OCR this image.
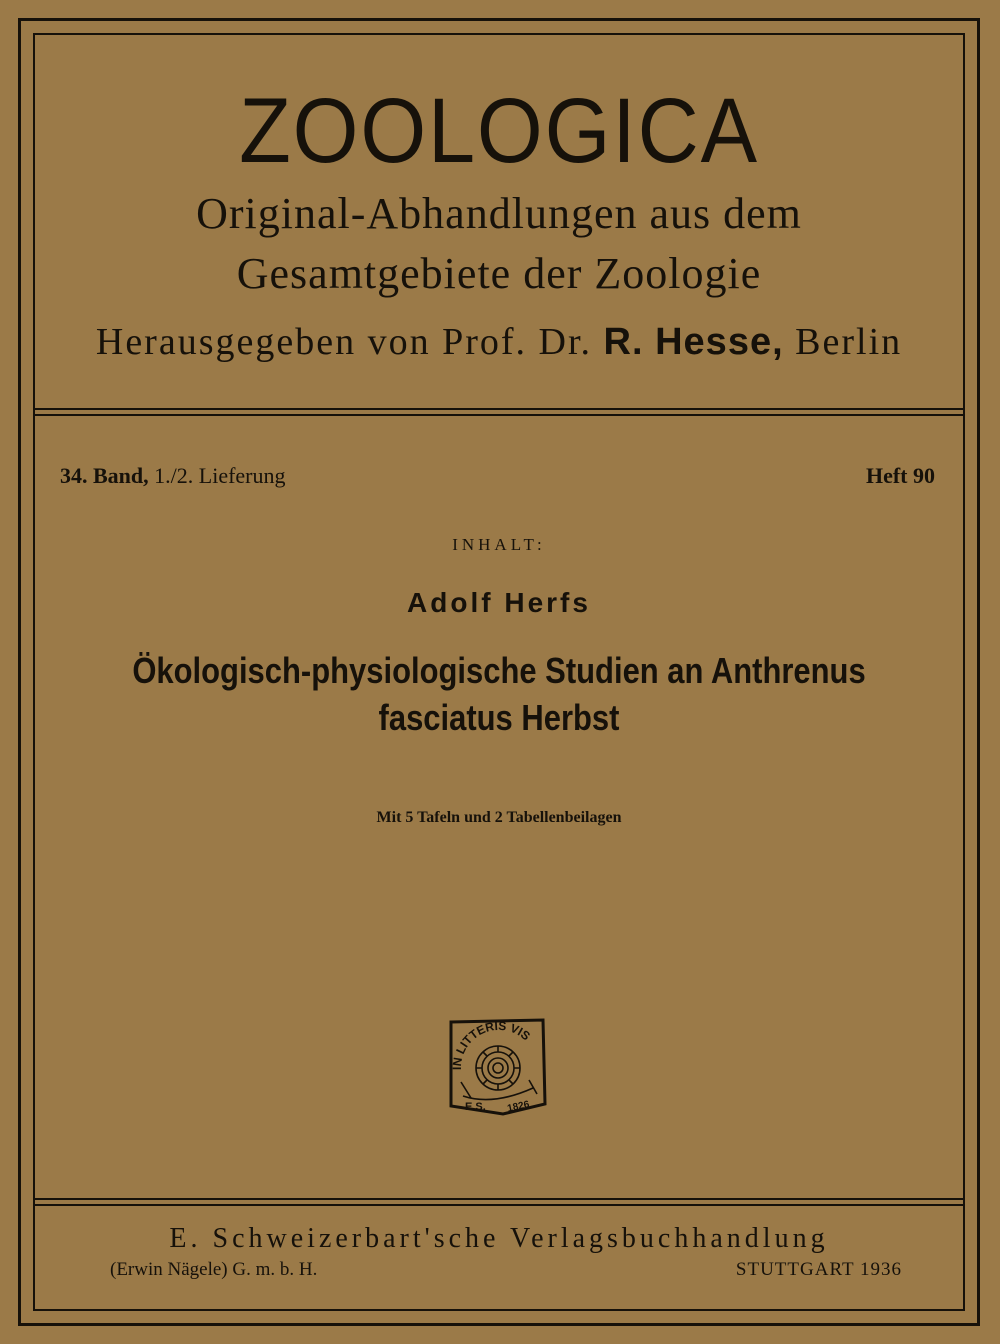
ZOOLOGICA
Original-Abhandlungen aus dem
Gesamtgebiete der Zoologie
Herausgegeben von Prof. Dr. R. Hesse, Berlin
34. Band, 1./2. Lieferung	Heft 90
INHALT:
Adolf Herfs
Ökologisch-physiologische Studien an Anthrenus
fasciatus Herbst
Mit 5 Tafeln und 2 Tabellenbeilagen
IN LITTERIS VIS
E.S. 1826
E. Schweizerbart'sche Verlagsbuchhandlung
(Erwin Nägele) G. m. b. H.	STUTTGART 1936
